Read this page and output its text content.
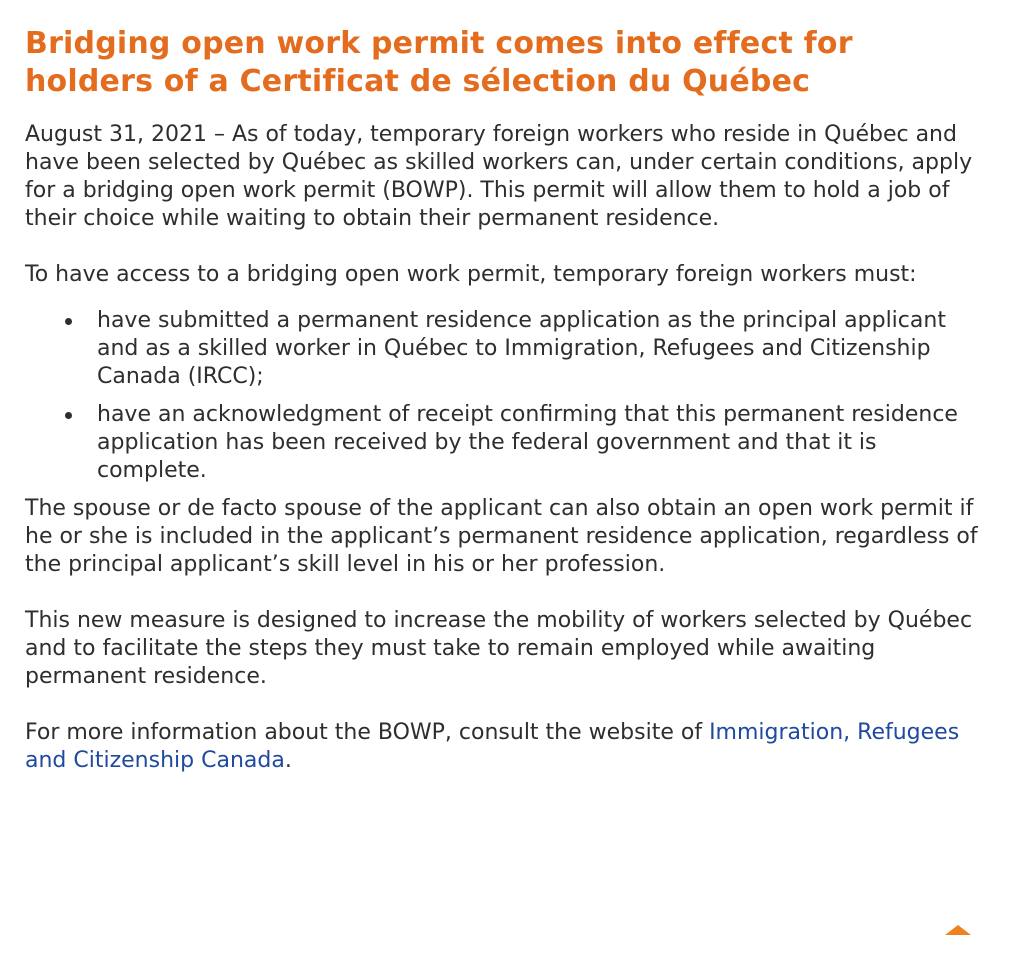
Bridging open work permit comes into effect for holders of a Certificat de sélection du Québec

August 31, 2021 – As of today, temporary foreign workers who reside in Québec and have been selected by Québec as skilled workers can, under certain conditions, apply for a bridging open work permit (BOWP). This permit will allow them to hold a job of their choice while waiting to obtain their permanent residence.

To have access to a bridging open work permit, temporary foreign workers must:

have submitted a permanent residence application as the principal applicant and as a skilled worker in Québec to Immigration, Refugees and Citizenship Canada (IRCC);
have an acknowledgment of receipt confirming that this permanent residence application has been received by the federal government and that it is complete.

The spouse or de facto spouse of the applicant can also obtain an open work permit if he or she is included in the applicant’s permanent residence application, regardless of the principal applicant’s skill level in his or her profession.

This new measure is designed to increase the mobility of workers selected by Québec and to facilitate the steps they must take to remain employed while awaiting permanent residence.

For more information about the BOWP, consult the website of Immigration, Refugees and Citizenship Canada.
